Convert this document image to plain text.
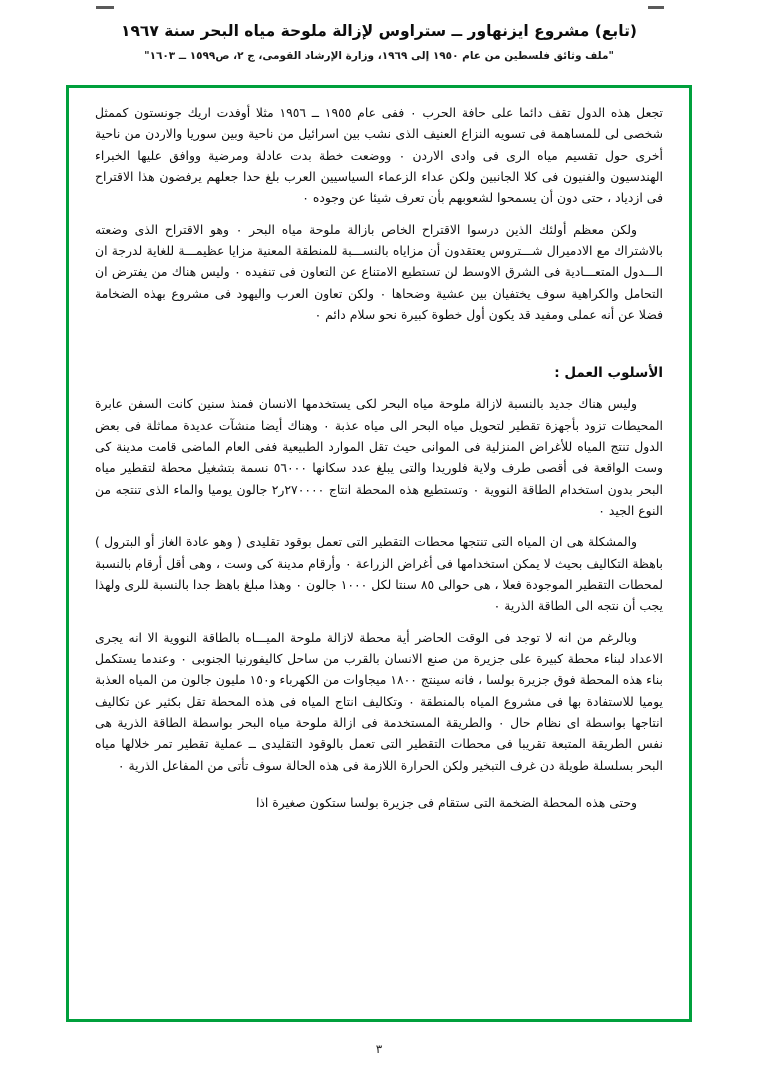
(تابع) مشروع ايزنهاور ــ ستراوس لإزالة ملوحة مياه البحر سنة ١٩٦٧
"ملف وثائق فلسطين من عام ١٩٥٠ إلى ١٩٦٩، وزارة الإرشاد القومى، ج ٢، ص١٥٩٩ ــ ١٦٠٣"

تجعل هذه الدول تقف دائما على حافة الحرب ٠ ففى عام ١٩٥٥ ــ ١٩٥٦ مثلا أوفدت اريك جونستون كممثل شخصى لى للمساهمة فى تسويه النزاع العنيف الذى نشب بين اسرائيل من ناحية وبين سوريا والاردن من ناحية أخرى حول تقسيم مياه الرى فى وادى الاردن ٠ ووضعت خطة بدت عادلة ومرضية ووافق عليها الخبراء الهندسيون والفنيون فى كلا الجانبين ولكن عداء الزعماء السياسيين العرب بلغ حدا جعلهم يرفضون هذا الاقتراح فى ازدياد ، حتى دون أن يسمحوا لشعوبهم بأن تعرف شيئا عن وجوده ٠

ولكن معظم أولئك الذين درسوا الاقتراح الخاص بازالة ملوحة مياه البحر ٠ وهو الاقتراح الذى وضعته بالاشتراك مع الادميرال شـــتروس يعتقدون أن مزاياه بالنســـبة للمنطقة المعنية مزايا عظيمـــة للغاية لدرجة ان الـــدول المتعـــادية فى الشرق الاوسط لن تستطيع الامتناع عن التعاون فى تنفيده ٠ وليس هناك من يفترض ان التحامل والكراهية سوف يختفيان بين عشية وضحاها ٠ ولكن تعاون العرب واليهود فى مشروع بهذه الضخامة فضلا عن أنه عملى ومفيد قد يكون أول خطوة كبيرة نحو سلام دائم ٠

الأسلوب العمل :

وليس هناك جديد بالنسبة لازالة ملوحة مياه البحر لكى يستخدمها الانسان فمنذ سنين كانت السفن عابرة المحيطات تزود بأجهزة تقطير لتحويل مياه البحر الى مياه عذبة ٠ وهناك أيضا منشآت عديدة مماثلة فى بعض الدول تنتج المياه للأغراض المنزلية فى الموانى حيث تقل الموارد الطبيعية ففى العام الماضى قامت مدينة كى وست الواقعة فى أقصى طرف ولاية فلوريدا والتى يبلغ عدد سكانها ٥٦٠٠٠ نسمة بتشغيل محطة لتقطير مياه البحر بدون استخدام الطاقة النووية ٠ وتستطيع هذه المحطة انتاج ٢٧٠٠٠٠ر٢ جالون يوميا والماء الذى تنتجه من النوع الجيد ٠

والمشكلة هى ان المياه التى تنتجها محطات التقطير التى تعمل بوقود تقليدى ( وهو عادة الغاز أو البترول ) باهظة التكاليف بحيث لا يمكن استخدامها فى أغراض الزراعة ٠ وأرقام مدينة كى وست ، وهى أقل أرقام بالنسبة لمحطات التقطير الموجودة فعلا ، هى حوالى ٨٥ سنتا لكل ١٠٠٠ جالون ٠ وهذا مبلغ باهظ جدا بالنسبة للرى ولهذا يجب أن نتجه الى الطاقة الذرية ٠

وبالرغم من انه لا توجد فى الوقت الحاضر أية محطة لازالة ملوحة الميـــاه بالطاقة النووية الا انه يجرى الاعداد لبناء محطة كبيرة على جزيرة من صنع الانسان بالقرب من ساحل كاليفورنيا الجنوبى ٠ وعندما يستكمل بناء هذه المحطة فوق جزيرة بولسا ، فانه سينتج ١٨٠٠ ميجاوات من الكهرباء و١٥٠ مليون جالون من المياه العذبة يوميا للاستفادة بها فى مشروع المياه بالمنطقة ٠ وتكاليف انتاج المياه فى هذه المحطة تقل بكثير عن تكاليف انتاجها بواسطة اى نظام حال ٠ والطريقة المستخدمة فى ازالة ملوحة مياه البحر بواسطة الطاقة الذرية هى نفس الطريقة المتبعة تقريبا فى محطات التقطير التى تعمل بالوقود التقليدى ــ عملية تقطير تمر خلالها مياه البحر بسلسلة طويلة دن غرف التبخير ولكن الحرارة اللازمة فى هذه الحالة سوف تأتى من المفاعل الذرية ٠

وحتى هذه المحطة الضخمة التى ستقام فى جزيرة بولسا ستكون صغيرة اذا

٣
